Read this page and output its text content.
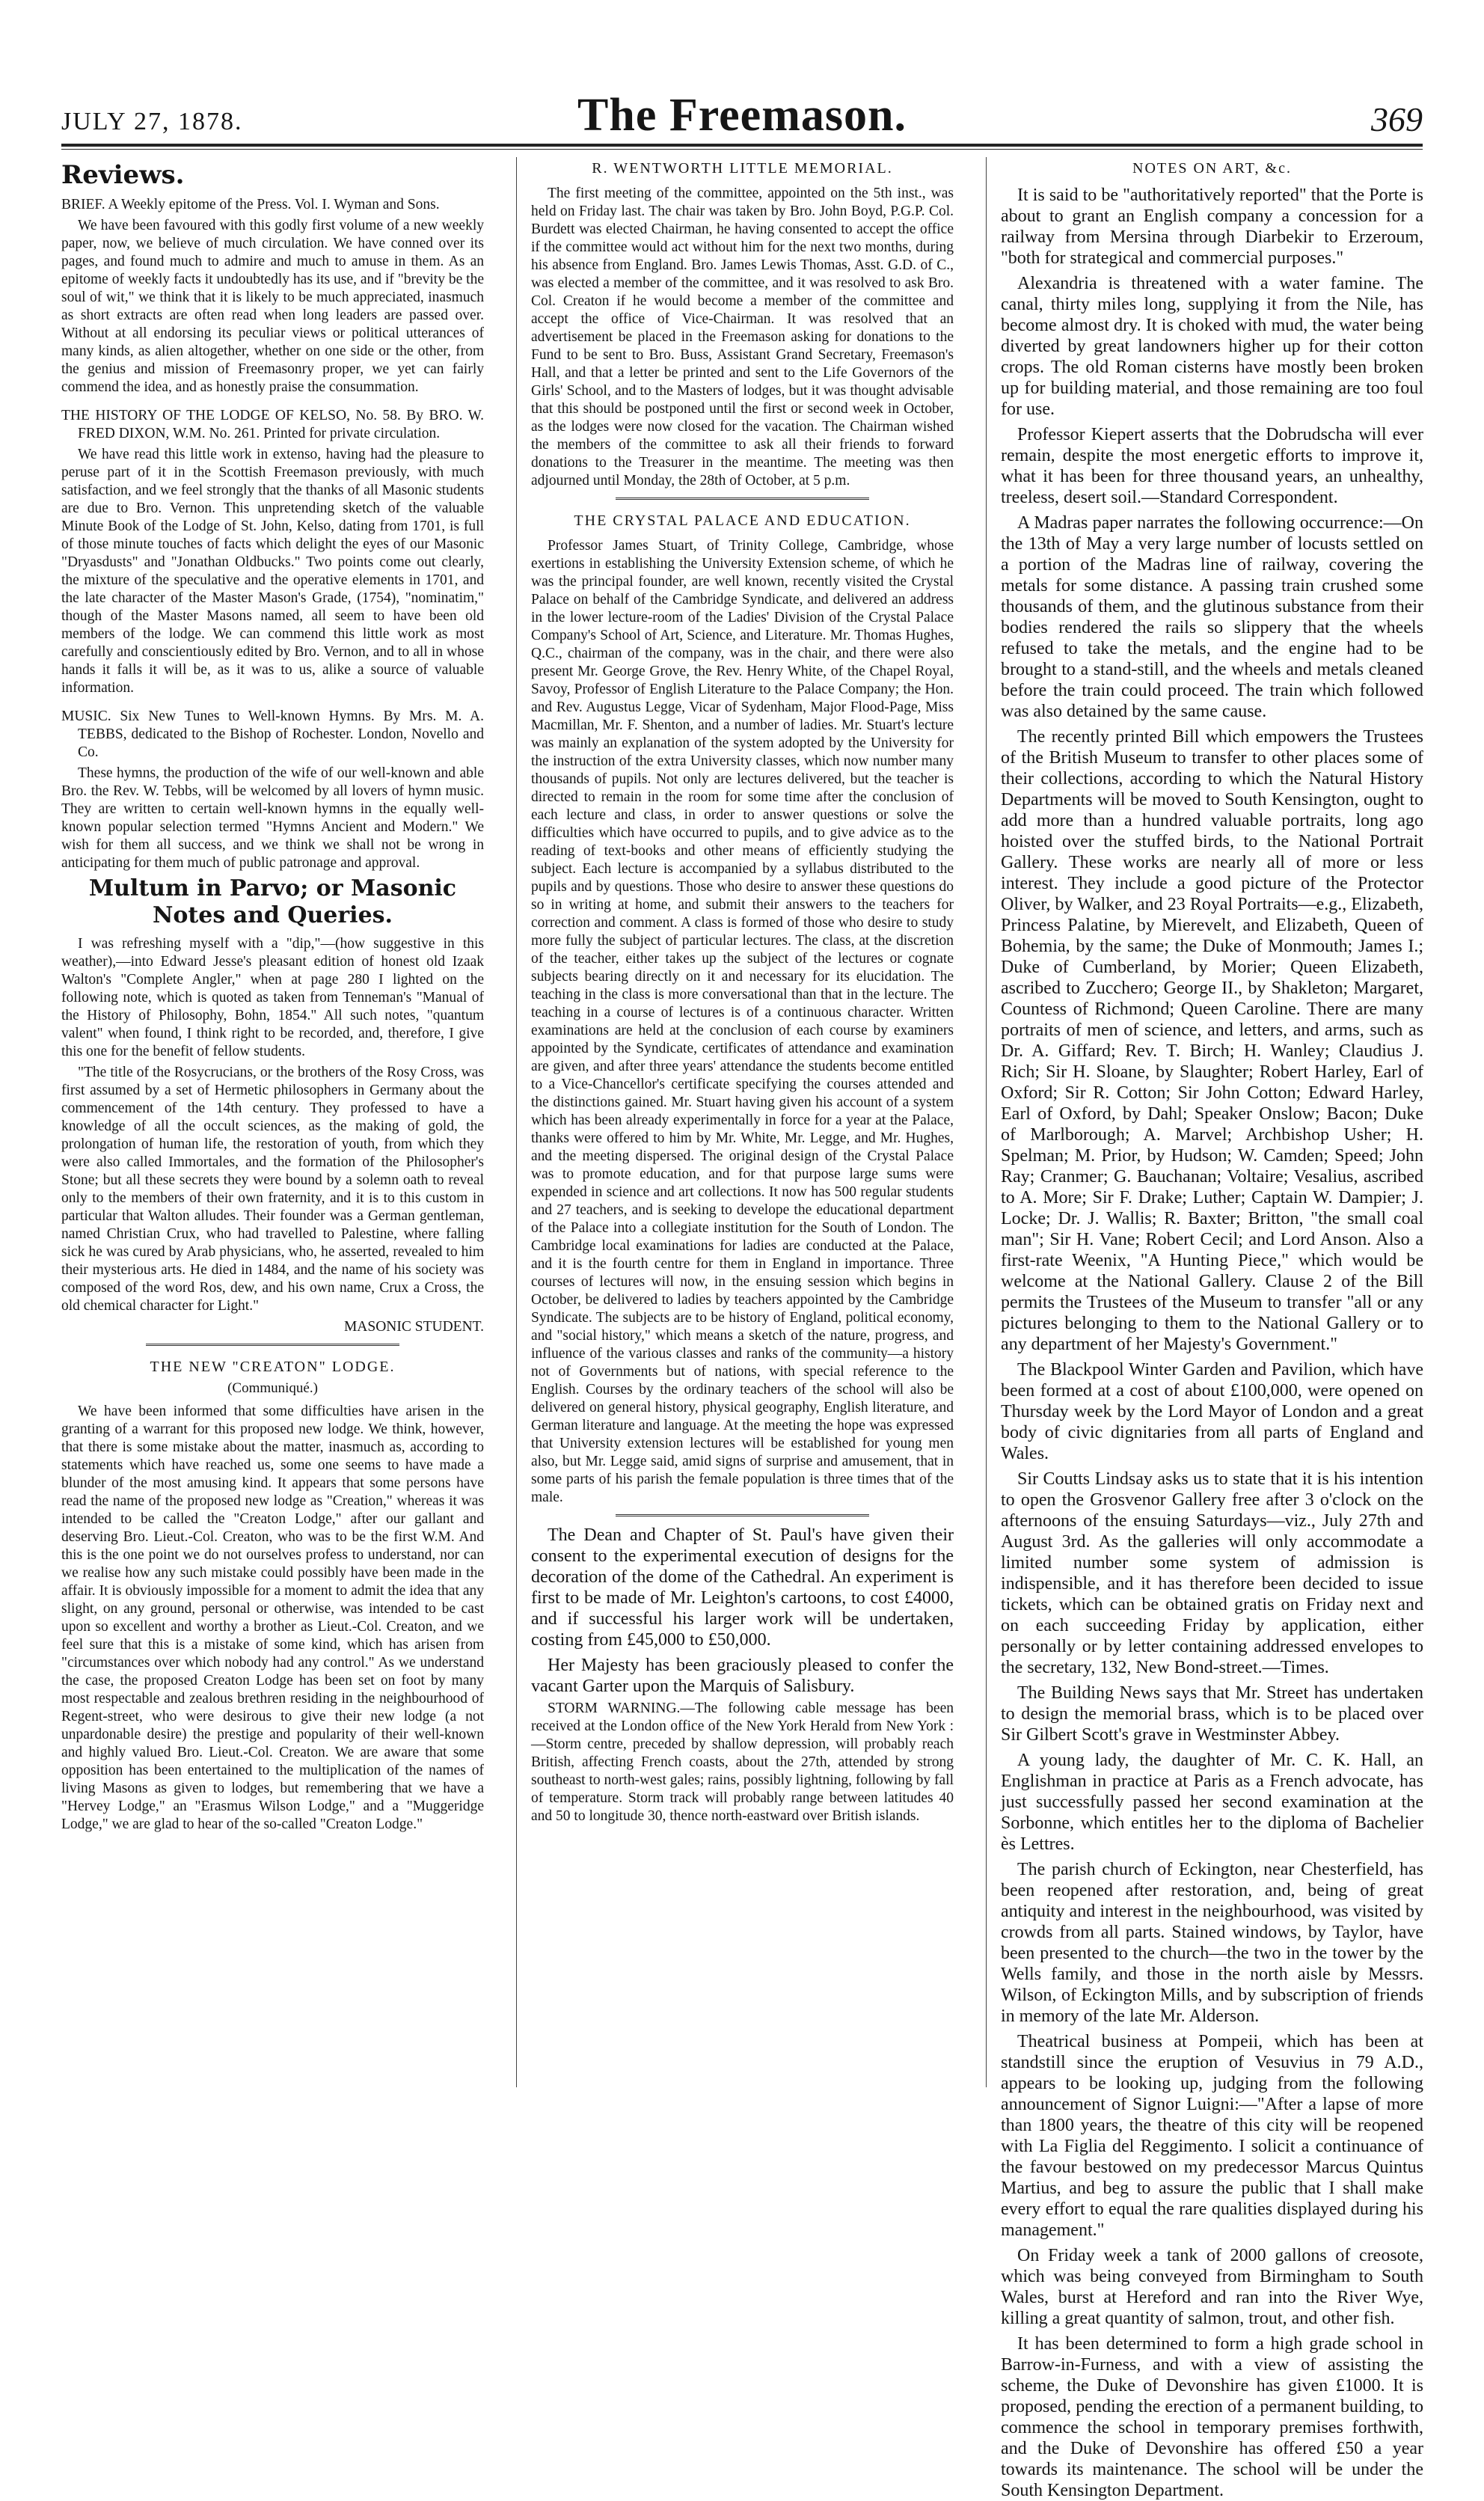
JULY 27, 1878.	The Freemason.	369
Reviews.

BRIEF. A Weekly epitome of the Press. Vol. I. Wyman and Sons.

We have been favoured with this godly first volume of a new weekly paper, now, we believe of much circulation. We have conned over its pages, and found much to admire and much to amuse in them. As an epitome of weekly facts it undoubtedly has its use, and if "brevity be the soul of wit," we think that it is likely to be much appreciated, inasmuch as short extracts are often read when long leaders are passed over. Without at all endorsing its peculiar views or political utterances of many kinds, as alien altogether, whether on one side or the other, from the genius and mission of Freemasonry proper, we yet can fairly commend the idea, and as honestly praise the consummation.

THE HISTORY OF THE LODGE OF KELSO, No. 58. By BRO. W. FRED DIXON, W.M. No. 261. Printed for private circulation.

We have read this little work in extenso, having had the pleasure to peruse part of it in the Scottish Freemason previously, with much satisfaction, and we feel strongly that the thanks of all Masonic students are due to Bro. Vernon. This unpretending sketch of the valuable Minute Book of the Lodge of St. John, Kelso, dating from 1701, is full of those minute touches of facts which delight the eyes of our Masonic "Dryasdusts" and "Jonathan Oldbucks." Two points come out clearly, the mixture of the speculative and the operative elements in 1701, and the late character of the Master Mason's Grade, (1754), "nominatim," though of the Master Masons named, all seem to have been old members of the lodge. We can commend this little work as most carefully and conscientiously edited by Bro. Vernon, and to all in whose hands it falls it will be, as it was to us, alike a source of valuable information.

MUSIC. Six New Tunes to Well-known Hymns. By Mrs. M. A. TEBBS, dedicated to the Bishop of Rochester. London, Novello and Co.

These hymns, the production of the wife of our well-known and able Bro. the Rev. W. Tebbs, will be welcomed by all lovers of hymn music. They are written to certain well-known hymns in the equally well-known popular selection termed "Hymns Ancient and Modern." We wish for them all success, and we think we shall not be wrong in anticipating for them much of public patronage and approval.

Multum in Parvo; or Masonic Notes and Queries.

I was refreshing myself with a "dip,"—(how suggestive in this weather),—into Edward Jesse's pleasant edition of honest old Izaak Walton's "Complete Angler," when at page 280 I lighted on the following note, which is quoted as taken from Tenneman's "Manual of the History of Philosophy, Bohn, 1854." All such notes, "quantum valent" when found, I think right to be recorded, and, therefore, I give this one for the benefit of fellow students.

"The title of the Rosycrucians, or the brothers of the Rosy Cross, was first assumed by a set of Hermetic philosophers in Germany about the commencement of the 14th century. They professed to have a knowledge of all the occult sciences, as the making of gold, the prolongation of human life, the restoration of youth, from which they were also called Immortales, and the formation of the Philosopher's Stone; but all these secrets they were bound by a solemn oath to reveal only to the members of their own fraternity, and it is to this custom in particular that Walton alludes. Their founder was a German gentleman, named Christian Crux, who had travelled to Palestine, where falling sick he was cured by Arab physicians, who, he asserted, revealed to him their mysterious arts. He died in 1484, and the name of his society was composed of the word Ros, dew, and his own name, Crux a Cross, the old chemical character for Light."

MASONIC STUDENT.

THE NEW "CREATON" LODGE.
(Communiqué.)

We have been informed that some difficulties have arisen in the granting of a warrant for this proposed new lodge. We think, however, that there is some mistake about the matter, inasmuch as, according to statements which have reached us, some one seems to have made a blunder of the most amusing kind. It appears that some persons have read the name of the proposed new lodge as "Creation," whereas it was intended to be called the "Creaton Lodge," after our gallant and deserving Bro. Lieut.-Col. Creaton, who was to be the first W.M. And this is the one point we do not ourselves profess to understand, nor can we realise how any such mistake could possibly have been made in the affair. It is obviously impossible for a moment to admit the idea that any slight, on any ground, personal or otherwise, was intended to be cast upon so excellent and worthy a brother as Lieut.-Col. Creaton, and we feel sure that this is a mistake of some kind, which has arisen from "circumstances over which nobody had any control." As we understand the case, the proposed Creaton Lodge has been set on foot by many most respectable and zealous brethren residing in the neighbourhood of Regent-street, who were desirous to give their new lodge (a not unpardonable desire) the prestige and popularity of their well-known and highly valued Bro. Lieut.-Col. Creaton. We are aware that some opposition has been entertained to the multiplication of the names of living Masons as given to lodges, but remembering that we have a "Hervey Lodge," an "Erasmus Wilson Lodge," and a "Muggeridge Lodge," we are glad to hear of the so-called "Creaton Lodge."

R. WENTWORTH LITTLE MEMORIAL.

The first meeting of the committee, appointed on the 5th inst., was held on Friday last. The chair was taken by Bro. John Boyd, P.G.P. Col. Burdett was elected Chairman, he having consented to accept the office if the committee would act without him for the next two months, during his absence from England. Bro. James Lewis Thomas, Asst. G.D. of C., was elected a member of the committee, and it was resolved to ask Bro. Col. Creaton if he would become a member of the committee and accept the office of Vice-Chairman. It was resolved that an advertisement be placed in the Freemason asking for donations to the Fund to be sent to Bro. Buss, Assistant Grand Secretary, Freemason's Hall, and that a letter be printed and sent to the Life Governors of the Girls' School, and to the Masters of lodges, but it was thought advisable that this should be postponed until the first or second week in October, as the lodges were now closed for the vacation. The Chairman wished the members of the committee to ask all their friends to forward donations to the Treasurer in the meantime. The meeting was then adjourned until Monday, the 28th of October, at 5 p.m.

THE CRYSTAL PALACE AND EDUCATION.

Professor James Stuart, of Trinity College, Cambridge, whose exertions in establishing the University Extension scheme, of which he was the principal founder, are well known, recently visited the Crystal Palace on behalf of the Cambridge Syndicate, and delivered an address in the lower lecture-room of the Ladies' Division of the Crystal Palace Company's School of Art, Science, and Literature. Mr. Thomas Hughes, Q.C., chairman of the company, was in the chair, and there were also present Mr. George Grove, the Rev. Henry White, of the Chapel Royal, Savoy, Professor of English Literature to the Palace Company; the Hon. and Rev. Augustus Legge, Vicar of Sydenham, Major Flood-Page, Miss Macmillan, Mr. F. Shenton, and a number of ladies. Mr. Stuart's lecture was mainly an explanation of the system adopted by the University for the instruction of the extra University classes, which now number many thousands of pupils. Not only are lectures delivered, but the teacher is directed to remain in the room for some time after the conclusion of each lecture and class, in order to answer questions or solve the difficulties which have occurred to pupils, and to give advice as to the reading of text-books and other means of efficiently studying the subject. Each lecture is accompanied by a syllabus distributed to the pupils and by questions. Those who desire to answer these questions do so in writing at home, and submit their answers to the teachers for correction and comment. A class is formed of those who desire to study more fully the subject of particular lectures. The class, at the discretion of the teacher, either takes up the subject of the lectures or cognate subjects bearing directly on it and necessary for its elucidation. The teaching in the class is more conversational than that in the lecture. The teaching in a course of lectures is of a continuous character. Written examinations are held at the conclusion of each course by examiners appointed by the Syndicate, certificates of attendance and examination are given, and after three years' attendance the students become entitled to a Vice-Chancellor's certificate specifying the courses attended and the distinctions gained. Mr. Stuart having given his account of a system which has been already experimentally in force for a year at the Palace, thanks were offered to him by Mr. White, Mr. Legge, and Mr. Hughes, and the meeting dispersed. The original design of the Crystal Palace was to promote education, and for that purpose large sums were expended in science and art collections. It now has 500 regular students and 27 teachers, and is seeking to develope the educational department of the Palace into a collegiate institution for the South of London. The Cambridge local examinations for ladies are conducted at the Palace, and it is the fourth centre for them in England in importance. Three courses of lectures will now, in the ensuing session which begins in October, be delivered to ladies by teachers appointed by the Cambridge Syndicate. The subjects are to be history of England, political economy, and "social history," which means a sketch of the nature, progress, and influence of the various classes and ranks of the community—a history not of Governments but of nations, with special reference to the English. Courses by the ordinary teachers of the school will also be delivered on general history, physical geography, English literature, and German literature and language. At the meeting the hope was expressed that University extension lectures will be established for young men also, but Mr. Legge said, amid signs of surprise and amusement, that in some parts of his parish the female population is three times that of the male.

The Dean and Chapter of St. Paul's have given their consent to the experimental execution of designs for the decoration of the dome of the Cathedral. An experiment is first to be made of Mr. Leighton's cartoons, to cost £4000, and if successful his larger work will be undertaken, costing from £45,000 to £50,000.

Her Majesty has been graciously pleased to confer the vacant Garter upon the Marquis of Salisbury.

STORM WARNING.—The following cable message has been received at the London office of the New York Herald from New York :—Storm centre, preceded by shallow depression, will probably reach British, affecting French coasts, about the 27th, attended by strong southeast to north-west gales; rains, possibly lightning, following by fall of temperature. Storm track will probably range between latitudes 40 and 50 to longitude 30, thence north-eastward over British islands.

NOTES ON ART, &c.

It is said to be "authoritatively reported" that the Porte is about to grant an English company a concession for a railway from Mersina through Diarbekir to Erzeroum, "both for strategical and commercial purposes."

Alexandria is threatened with a water famine. The canal, thirty miles long, supplying it from the Nile, has become almost dry. It is choked with mud, the water being diverted by great landowners higher up for their cotton crops. The old Roman cisterns have mostly been broken up for building material, and those remaining are too foul for use.

Professor Kiepert asserts that the Dobrudscha will ever remain, despite the most energetic efforts to improve it, what it has been for three thousand years, an unhealthy, treeless, desert soil.—Standard Correspondent.

A Madras paper narrates the following occurrence:—On the 13th of May a very large number of locusts settled on a portion of the Madras line of railway, covering the metals for some distance. A passing train crushed some thousands of them, and the glutinous substance from their bodies rendered the rails so slippery that the wheels refused to take the metals, and the engine had to be brought to a stand-still, and the wheels and metals cleaned before the train could proceed. The train which followed was also detained by the same cause.

The recently printed Bill which empowers the Trustees of the British Museum to transfer to other places some of their collections, according to which the Natural History Departments will be moved to South Kensington, ought to add more than a hundred valuable portraits, long ago hoisted over the stuffed birds, to the National Portrait Gallery. These works are nearly all of more or less interest. They include a good picture of the Protector Oliver, by Walker, and 23 Royal Portraits—e.g., Elizabeth, Princess Palatine, by Mierevelt, and Elizabeth, Queen of Bohemia, by the same; the Duke of Monmouth; James I.; Duke of Cumberland, by Morier; Queen Elizabeth, ascribed to Zucchero; George II., by Shakleton; Margaret, Countess of Richmond; Queen Caroline. There are many portraits of men of science, and letters, and arms, such as Dr. A. Giffard; Rev. T. Birch; H. Wanley; Claudius J. Rich; Sir H. Sloane, by Slaughter; Robert Harley, Earl of Oxford; Sir R. Cotton; Sir John Cotton; Edward Harley, Earl of Oxford, by Dahl; Speaker Onslow; Bacon; Duke of Marlborough; A. Marvel; Archbishop Usher; H. Spelman; M. Prior, by Hudson; W. Camden; Speed; John Ray; Cranmer; G. Bauchanan; Voltaire; Vesalius, ascribed to A. More; Sir F. Drake; Luther; Captain W. Dampier; J. Locke; Dr. J. Wallis; R. Baxter; Britton, "the small coal man"; Sir H. Vane; Robert Cecil; and Lord Anson. Also a first-rate Weenix, "A Hunting Piece," which would be welcome at the National Gallery. Clause 2 of the Bill permits the Trustees of the Museum to transfer "all or any pictures belonging to them to the National Gallery or to any department of her Majesty's Government."

The Blackpool Winter Garden and Pavilion, which have been formed at a cost of about £100,000, were opened on Thursday week by the Lord Mayor of London and a great body of civic dignitaries from all parts of England and Wales.

Sir Coutts Lindsay asks us to state that it is his intention to open the Grosvenor Gallery free after 3 o'clock on the afternoons of the ensuing Saturdays—viz., July 27th and August 3rd. As the galleries will only accommodate a limited number some system of admission is indispensible, and it has therefore been decided to issue tickets, which can be obtained gratis on Friday next and on each succeeding Friday by application, either personally or by letter containing addressed envelopes to the secretary, 132, New Bond-street.—Times.

The Building News says that Mr. Street has undertaken to design the memorial brass, which is to be placed over Sir Gilbert Scott's grave in Westminster Abbey.

A young lady, the daughter of Mr. C. K. Hall, an Englishman in practice at Paris as a French advocate, has just successfully passed her second examination at the Sorbonne, which entitles her to the diploma of Bachelier ès Lettres.

The parish church of Eckington, near Chesterfield, has been reopened after restoration, and, being of great antiquity and interest in the neighbourhood, was visited by crowds from all parts. Stained windows, by Taylor, have been presented to the church—the two in the tower by the Wells family, and those in the north aisle by Messrs. Wilson, of Eckington Mills, and by subscription of friends in memory of the late Mr. Alderson.

Theatrical business at Pompeii, which has been at standstill since the eruption of Vesuvius in 79 A.D., appears to be looking up, judging from the following announcement of Signor Luigni:—"After a lapse of more than 1800 years, the theatre of this city will be reopened with La Figlia del Reggimento. I solicit a continuance of the favour bestowed on my predecessor Marcus Quintus Martius, and beg to assure the public that I shall make every effort to equal the rare qualities displayed during his management."

On Friday week a tank of 2000 gallons of creosote, which was being conveyed from Birmingham to South Wales, burst at Hereford and ran into the River Wye, killing a great quantity of salmon, trout, and other fish.

It has been determined to form a high grade school in Barrow-in-Furness, and with a view of assisting the scheme, the Duke of Devonshire has given £1000. It is proposed, pending the erection of a permanent building, to commence the school in temporary premises forthwith, and the Duke of Devonshire has offered £50 a year towards its maintenance. The school will be under the South Kensington Department.
